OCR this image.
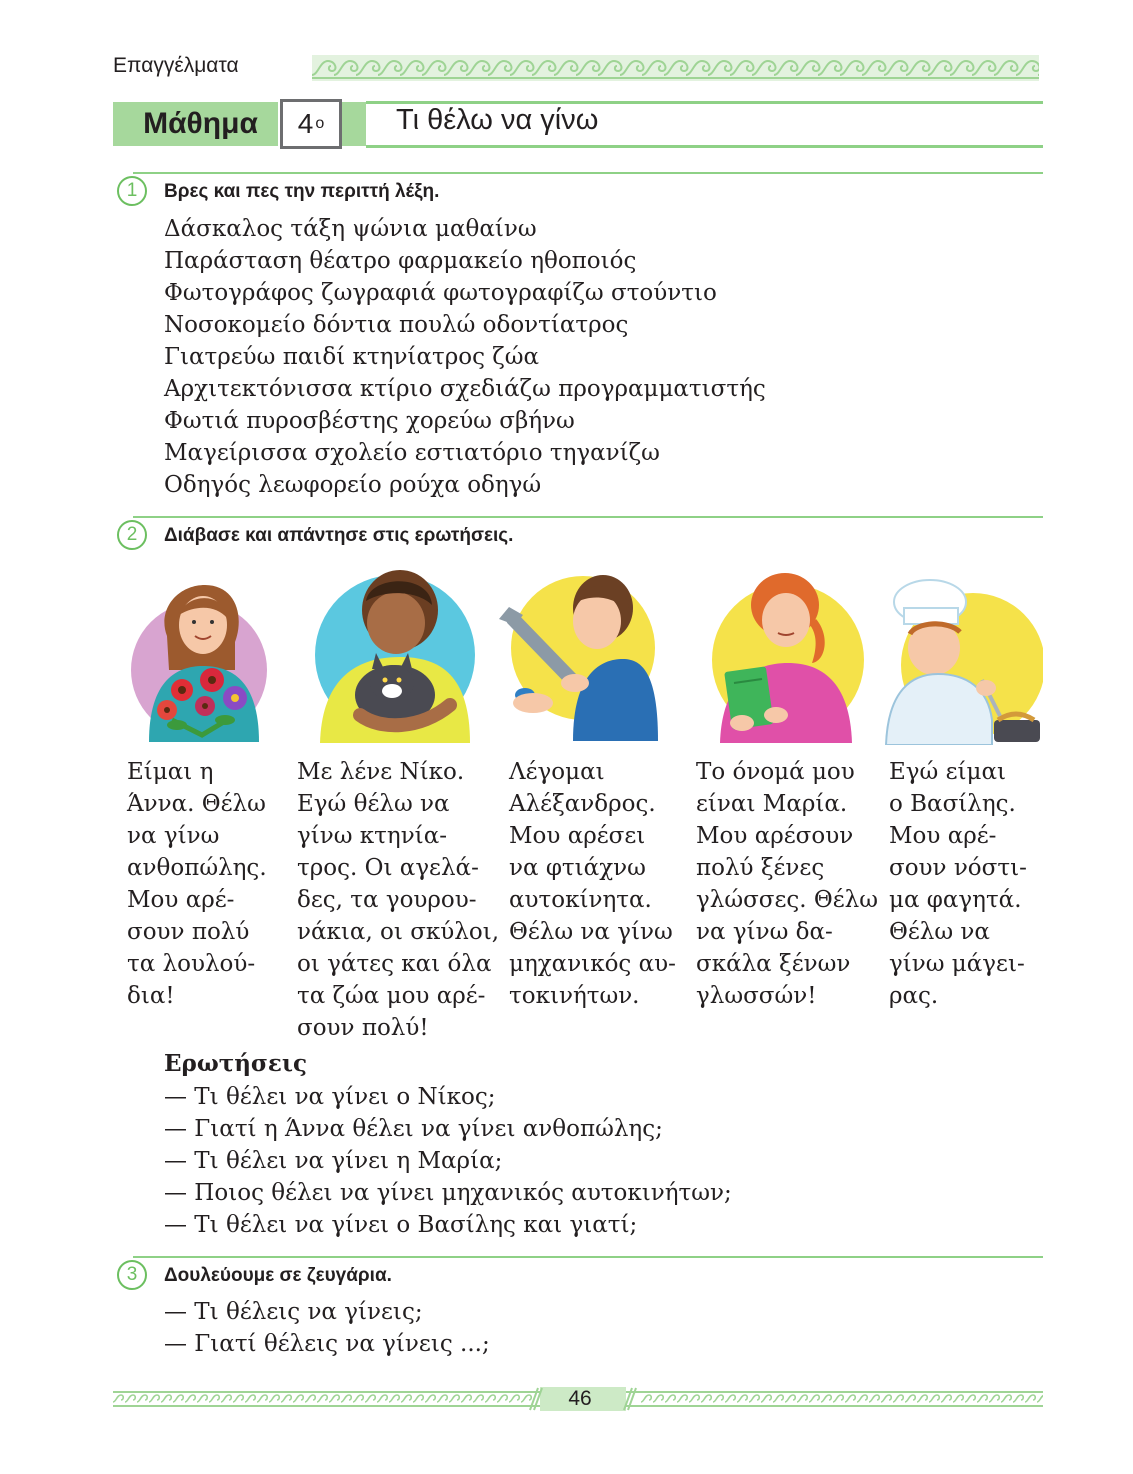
Επαγγέλματα
Μάθημα	4 ο Τι θέλω να γίνω
1	Βρες και πες την περιττή λέξη.
Δάσκαλος τάξη ψώνια μαθαίνω
Παράσταση θέατρο φαρμακείο ηθοποιός
Φωτογράφος ζωγραφιά φωτογραφίζω στούντιο
Νοσοκομείο δόντια πουλώ οδοντίατρος
Γιατρεύω παιδί κτηνίατρος ζώα
Αρχιτεκτόνισσα κτίριο σχεδιάζω προγραμματιστής
Φωτιά πυροσβέστης χορεύω σβήνω
Μαγείρισσα σχολείο εστιατόριο τηγανίζω
Οδηγός λεωφορείο ρούχα οδηγώ
2	Διάβασε και απάντησε στις ερωτήσεις.
Είμαι η
Άννα. Θέλω
να γίνω
ανθοπώλης.
Μου αρέ-
σουν πολύ
τα λουλού-
δια!
Με λένε Νίκο.
Εγώ θέλω να
γίνω κτηνία-
τρος. Οι αγελά-
δες, τα γουρου-
νάκια, οι σκύλοι,
οι γάτες και όλα
τα ζώα μου αρέ-
σουν πολύ!
Λέγομαι
Αλέξανδρος.
Μου αρέσει
να φτιάχνω
αυτοκίνητα.
Θέλω να γίνω
μηχανικός αυ-
τοκινήτων.
Το όνομά μου
είναι Μαρία.
Μου αρέσουν
πολύ ξένες
γλώσσες. Θέλω
να γίνω δα-
σκάλα ξένων
γλωσσών!
Εγώ είμαι
ο Βασίλης.
Μου αρέ-
σουν νόστι-
μα φαγητά.
Θέλω να
γίνω μάγει-
ρας.
Ερωτήσεις
— Τι θέλει να γίνει ο Νίκος;
— Γιατί η Άννα θέλει να γίνει ανθοπώλης;
— Τι θέλει να γίνει η Μαρία;
— Ποιος θέλει να γίνει μηχανικός αυτοκινήτων;
— Τι θέλει να γίνει ο Βασίλης και γιατί;
3	Δουλεύουμε σε ζευγάρια.
— Τι θέλεις να γίνεις;
— Γιατί θέλεις να γίνεις ...;
46
